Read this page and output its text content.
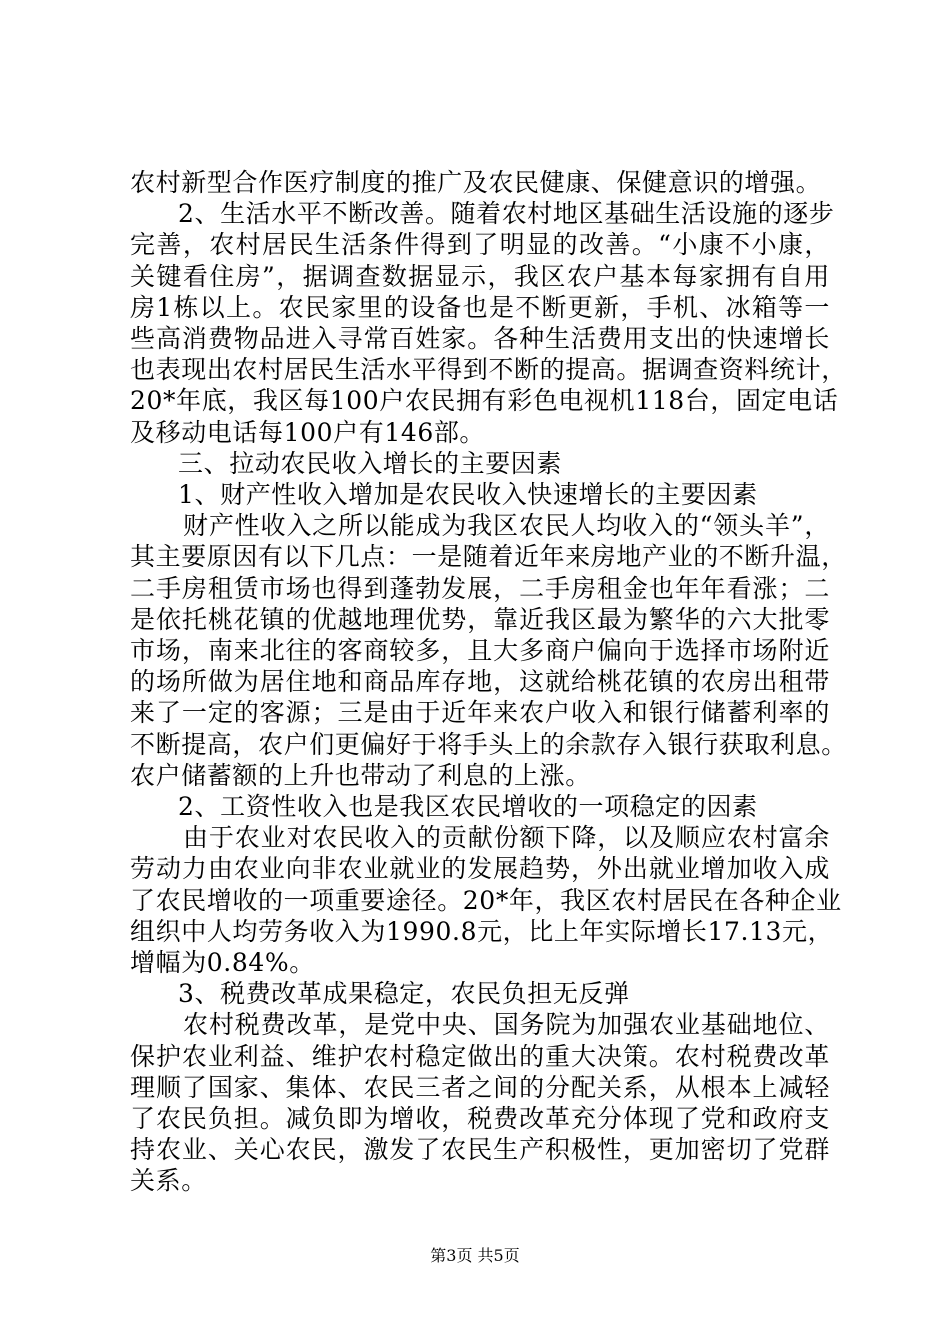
农村新型合作医疗制度的推广及农民健康、保健意识的增强。
2、生活水平不断改善。随着农村地区基础生活设施的逐步
完善，农村居民生活条件得到了明显的改善。“小康不小康，
关键看住房”，据调查数据显示，我区农户基本每家拥有自用
房1栋以上。农民家里的设备也是不断更新，手机、冰箱等一
些高消费物品进入寻常百姓家。各种生活费用支出的快速增长
也表现出农村居民生活水平得到不断的提高。据调查资料统计，
20*年底，我区每100户农民拥有彩色电视机118台，固定电话
及移动电话每100户有146部。
三、拉动农民收入增长的主要因素
1、财产性收入增加是农民收入快速增长的主要因素
财产性收入之所以能成为我区农民人均收入的“领头羊”，
其主要原因有以下几点：一是随着近年来房地产业的不断升温，
二手房租赁市场也得到蓬勃发展，二手房租金也年年看涨；二
是依托桃花镇的优越地理优势，靠近我区最为繁华的六大批零
市场，南来北往的客商较多，且大多商户偏向于选择市场附近
的场所做为居住地和商品库存地，这就给桃花镇的农房出租带
来了一定的客源；三是由于近年来农户收入和银行储蓄利率的
不断提高，农户们更偏好于将手头上的余款存入银行获取利息。
农户储蓄额的上升也带动了利息的上涨。
2、工资性收入也是我区农民增收的一项稳定的因素
由于农业对农民收入的贡献份额下降，以及顺应农村富余
劳动力由农业向非农业就业的发展趋势，外出就业增加收入成
了农民增收的一项重要途径。20*年，我区农村居民在各种企业
组织中人均劳务收入为1990.8元，比上年实际增长17.13元，
增幅为0.84%。
3、税费改革成果稳定，农民负担无反弹
农村税费改革，是党中央、国务院为加强农业基础地位、
保护农业利益、维护农村稳定做出的重大决策。农村税费改革
理顺了国家、集体、农民三者之间的分配关系，从根本上减轻
了农民负担。减负即为增收，税费改革充分体现了党和政府支
持农业、关心农民，激发了农民生产积极性，更加密切了党群
关系。
第3页 共5页
